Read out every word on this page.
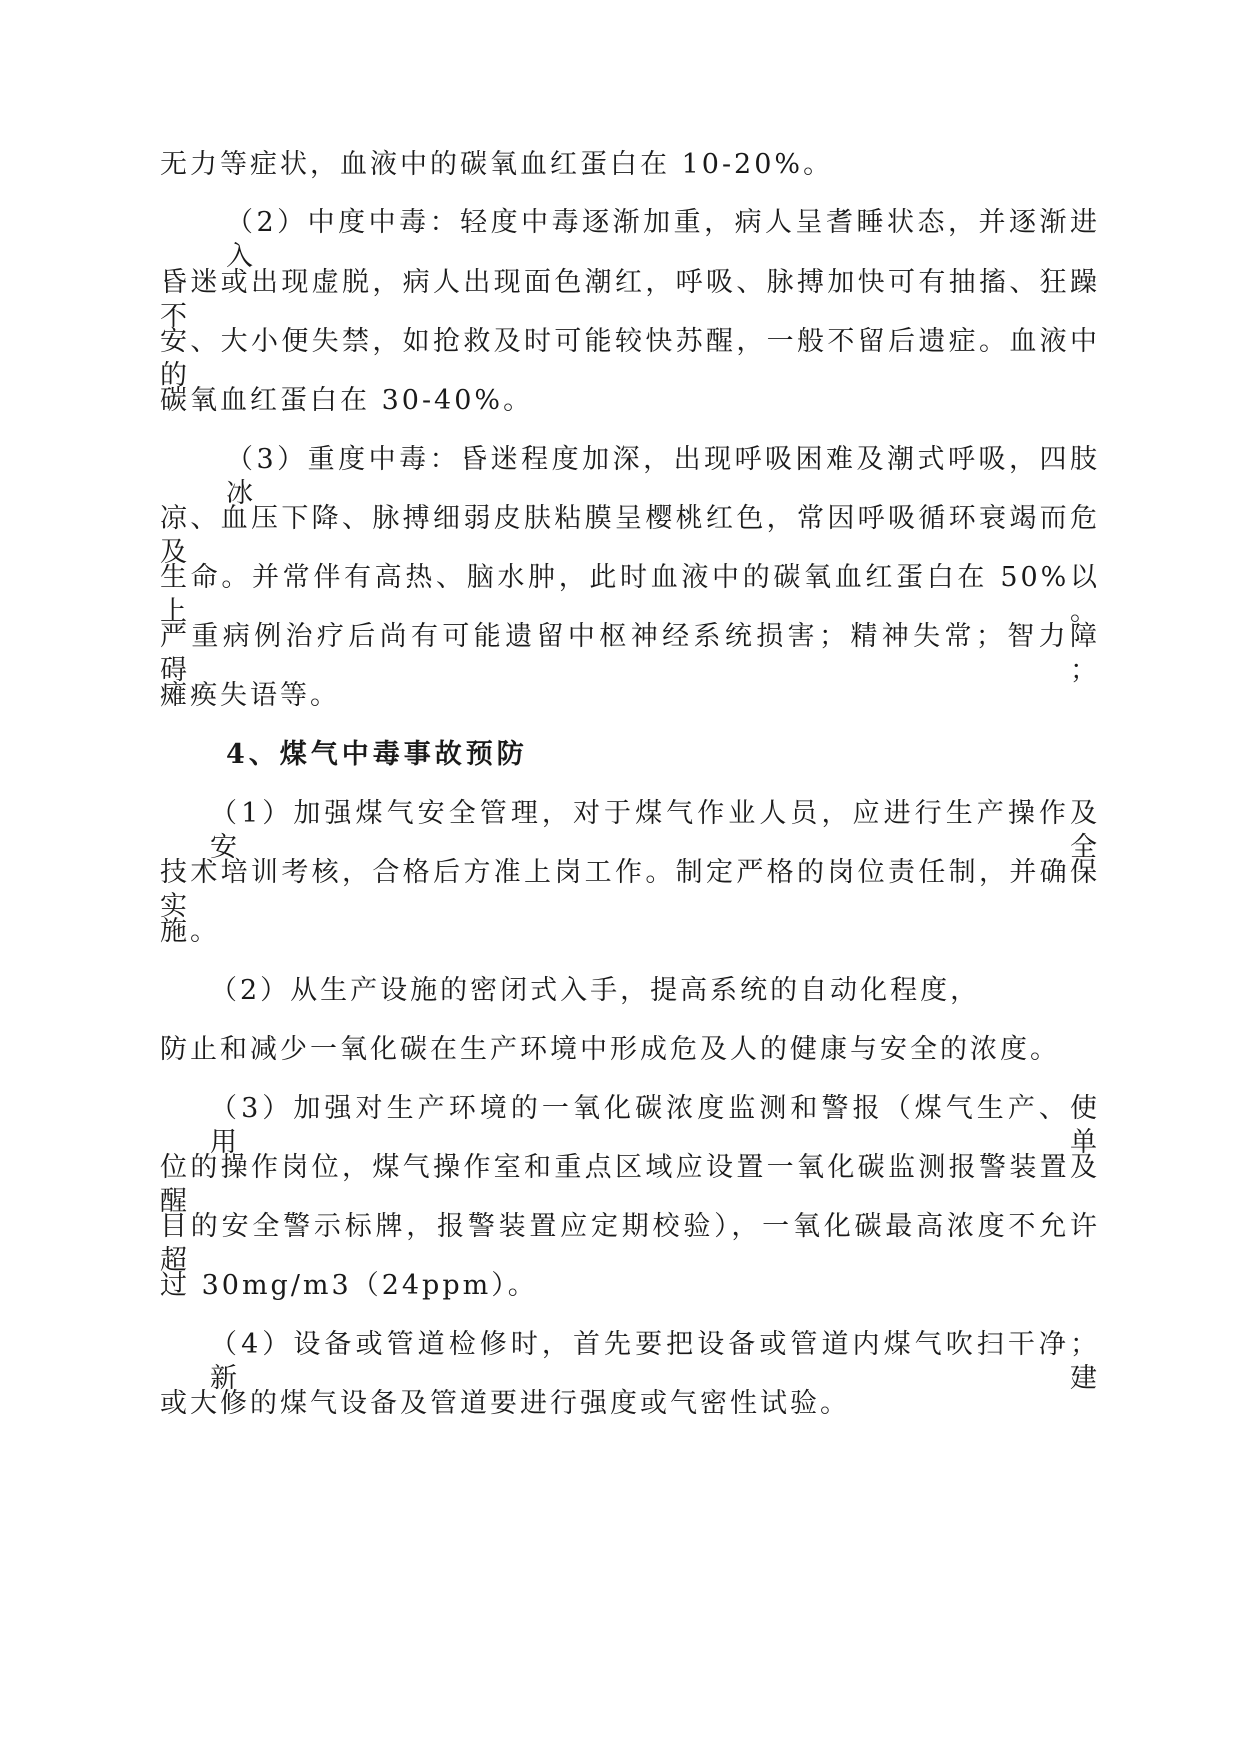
无力等症状，血液中的碳氧血红蛋白在 10-20%。
（2）中度中毒：轻度中毒逐渐加重，病人呈耆睡状态，并逐渐进入
昏迷或出现虚脱，病人出现面色潮红，呼吸、脉搏加快可有抽搐、狂躁不
安、大小便失禁，如抢救及时可能较快苏醒，一般不留后遗症。血液中的
碳氧血红蛋白在 30-40%。
（3）重度中毒：昏迷程度加深，出现呼吸困难及潮式呼吸，四肢冰
凉、血压下降、脉搏细弱皮肤粘膜呈樱桃红色，常因呼吸循环衰竭而危及
生命。并常伴有高热、脑水肿，此时血液中的碳氧血红蛋白在 50%以上。
严重病例治疗后尚有可能遗留中枢神经系统损害；精神失常；智力障碍；
瘫痪失语等。
4、煤气中毒事故预防
（1）加强煤气安全管理，对于煤气作业人员，应进行生产操作及安全
技术培训考核，合格后方准上岗工作。制定严格的岗位责任制，并确保实
施。
（2）从生产设施的密闭式入手，提高系统的自动化程度，
防止和减少一氧化碳在生产环境中形成危及人的健康与安全的浓度。
（3）加强对生产环境的一氧化碳浓度监测和警报（煤气生产、使用单
位的操作岗位，煤气操作室和重点区域应设置一氧化碳监测报警装置及醒
目的安全警示标牌，报警装置应定期校验），一氧化碳最高浓度不允许超
过 30mg/m3（24ppm）。
（4）设备或管道检修时，首先要把设备或管道内煤气吹扫干净；新建
或大修的煤气设备及管道要进行强度或气密性试验。
